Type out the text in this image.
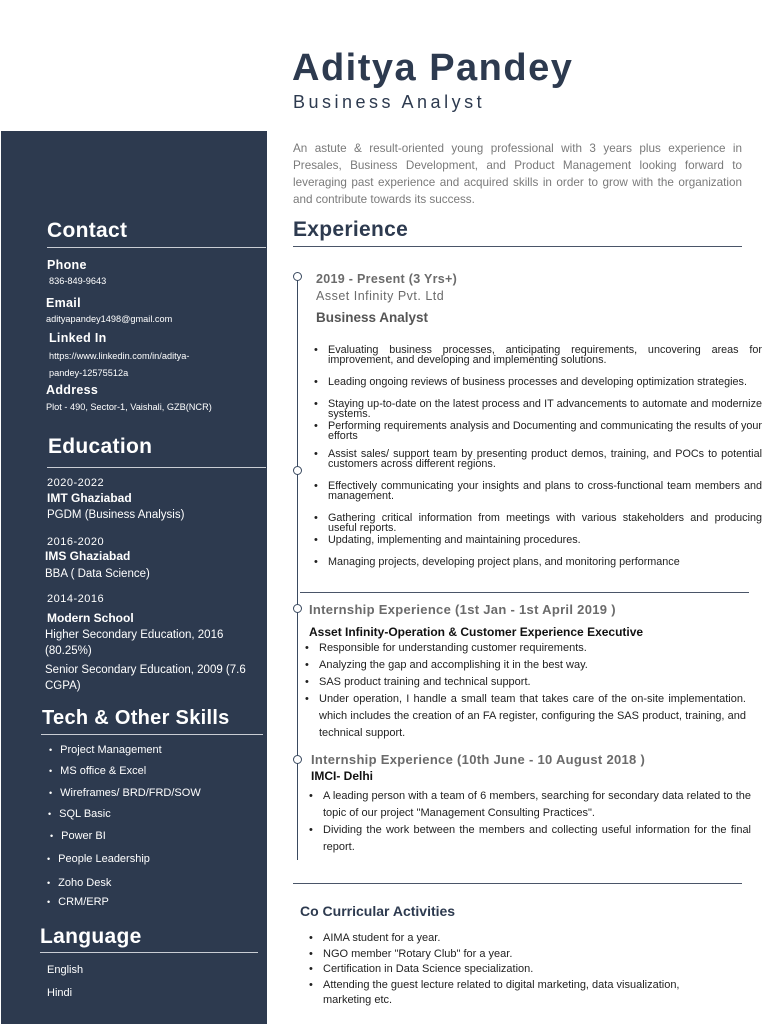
Aditya Pandey
Business Analyst
An astute & result-oriented young professional with 3 years plus experience in Presales, Business Development, and Product Management looking forward to leveraging past experience and acquired skills in order to grow with the organization and contribute towards its success.
Contact
Phone
836-849-9643
Email
adityapandey1498@gmail.com
Linked In
https://www.linkedin.com/in/aditya-
pandey-12575512a
Address
Plot - 490, Sector-1, Vaishali, GZB(NCR)
Education
2020-2022
IMT Ghaziabad
PGDM (Business Analysis)
2016-2020
IMS Ghaziabad
BBA ( Data Science)
2014-2016
Modern School
Higher Secondary Education, 2016 (80.25%)
Senior Secondary Education, 2009 (7.6 CGPA)
Tech & Other Skills
• Project Management
• MS office & Excel
• Wireframes/ BRD/FRD/SOW
• SQL Basic
• Power BI
• People Leadership
• Zoho Desk
• CRM/ERP
Language
English
Hindi
Experience
2019 - Present (3 Yrs+)
Asset Infinity Pvt. Ltd
Business Analyst
• Evaluating business processes, anticipating requirements, uncovering areas for improvement, and developing and implementing solutions.
• Leading ongoing reviews of business processes and developing optimization strategies.
• Staying up-to-date on the latest process and IT advancements to automate and modernize systems.
• Performing requirements analysis and Documenting and communicating the results of your efforts
• Assist sales/ support team by presenting product demos, training, and POCs to potential customers across different regions.
• Effectively communicating your insights and plans to cross-functional team members and management.
• Gathering critical information from meetings with various stakeholders and producing useful reports.
• Updating, implementing and maintaining procedures.
• Managing projects, developing project plans, and monitoring performance
Internship Experience (1st Jan - 1st April 2019 )
Asset Infinity-Operation & Customer Experience Executive
• Responsible for understanding customer requirements.
• Analyzing the gap and accomplishing it in the best way.
• SAS product training and technical support.
• Under operation, I handle a small team that takes care of the on-site implementation. which includes the creation of an FA register, configuring the SAS product, training, and technical support.
Internship Experience (10th June - 10 August 2018 )
IMCI- Delhi
• A leading person with a team of 6 members, searching for secondary data related to the topic of our project "Management Consulting Practices".
• Dividing the work between the members and collecting useful information for the final report.
Co Curricular Activities
• AIMA student for a year.
• NGO member "Rotary Club" for a year.
• Certification in Data Science specialization.
• Attending the guest lecture related to digital marketing, data visualization, marketing etc.
